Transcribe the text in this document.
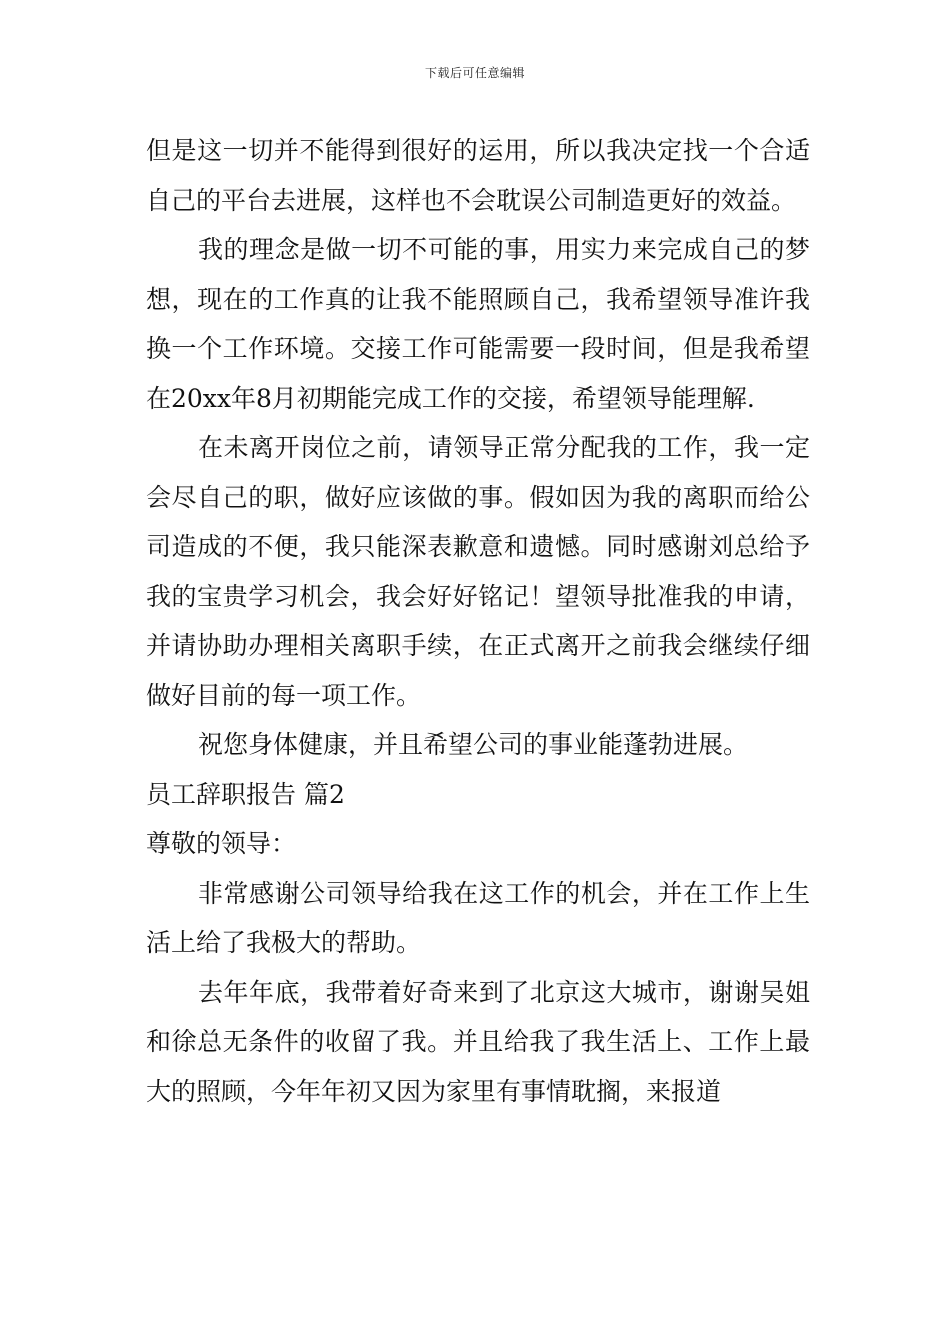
下载后可任意编辑

但是这一切并不能得到很好的运用，所以我决定找一个合适自己的平台去进展，这样也不会耽误公司制造更好的效益。

我的理念是做一切不可能的事，用实力来完成自己的梦想，现在的工作真的让我不能照顾自己，我希望领导准许我换一个工作环境。交接工作可能需要一段时间，但是我希望在20xx年8月初期能完成工作的交接，希望领导能理解.

在未离开岗位之前，请领导正常分配我的工作，我一定会尽自己的职，做好应该做的事。假如因为我的离职而给公司造成的不便，我只能深表歉意和遗憾。同时感谢刘总给予我的宝贵学习机会，我会好好铭记！望领导批准我的申请，并请协助办理相关离职手续，在正式离开之前我会继续仔细做好目前的每一项工作。

祝您身体健康，并且希望公司的事业能蓬勃进展。

员工辞职报告 篇2

尊敬的领导：

非常感谢公司领导给我在这工作的机会，并在工作上生活上给了我极大的帮助。

去年年底，我带着好奇来到了北京这大城市，谢谢吴姐和徐总无条件的收留了我。并且给我了我生活上、工作上最大的照顾，今年年初又因为家里有事情耽搁，来报道
